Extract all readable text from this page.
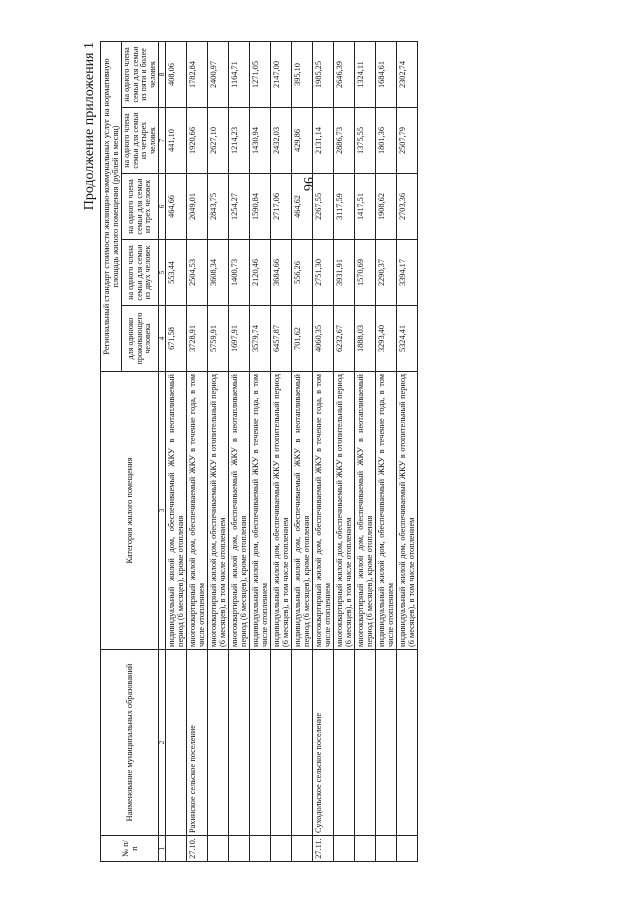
96
Продолжение приложения 1
№ п/п	Наименование муниципальных образований	Категория жилого помещения	Региональный стандарт стоимости жилищно-коммунальных услуг на нормативную площадь жилого помещения (рублей в месяц)				
			для одиноко проживающего человека	на одного члена семьи для семьи из двух человек	на одного члена семьи для семьи из трех человек	на одного члена семьи для семьи из четырех человек	на одного члена семьи для семьи из пяти и более человек
1	2	3	4	5	6	7	8
		индивидуальный жилой дом, обеспечиваемый ЖКУ в неотапливаемый период (6 месяцев), кроме отопления	671,58	553,44	464,66	441,10	408,06
27.10.	Рахинское сельское поселение	многоквартирный жилой дом, обеспечиваемый ЖКУ в течение года, в том числе отоплением	3728,91	2504,53	2049,01	1920,66	1782,84
		многоквартирный жилой дом, обеспечиваемый ЖКУ в отопительный период (6 месяцев), в том числе отоплением	5759,91	3608,34	2843,75	2627,10	2400,97
		многоквартирный жилой дом, обеспечиваемый ЖКУ в неотапливаемый период (6 месяцев), кроме отопления	1697,91	1400,73	1254,27	1214,23	1164,71
		индивидуальный жилой дом, обеспечиваемый ЖКУ в течение года, в том числе отоплением	3579,74	2120,46	1590,84	1430,94	1271,05
		индивидуальный жилой дом, обеспечиваемый ЖКУ в отопительный период (6 месяцев), в том числе отоплением	6457,87	3684,66	2717,06	2432,03	2147,00
		индивидуальный жилой дом, обеспечиваемый ЖКУ в неотапливаемый период (6 месяцев), кроме отопления	701,62	556,26	464,62	429,86	395,10
27.11.	Суходольское сельское поселение	многоквартирный жилой дом, обеспечиваемый ЖКУ в течение года, в том числе отоплением	4060,35	2751,30	2267,55	2131,14	1985,25
		многоквартирный жилой дом, обеспечиваемый ЖКУ в отопительный период (6 месяцев), в том числе отоплением	6232,67	3931,91	3117,59	2886,73	2646,39
		многоквартирный жилой дом, обеспечиваемый ЖКУ в неотапливаемый период (6 месяцев), кроме отопления	1888,03	1570,69	1417,51	1375,55	1324,11
		индивидуальный жилой дом, обеспечиваемый ЖКУ в течение года, в том числе отоплением	3293,40	2290,37	1908,62	1801,36	1684,61
		индивидуальный жилой дом, обеспечиваемый ЖКУ в отопительный период (6 месяцев), в том числе отоплением	5324,41	3394,17	2703,36	2507,79	2302,74
